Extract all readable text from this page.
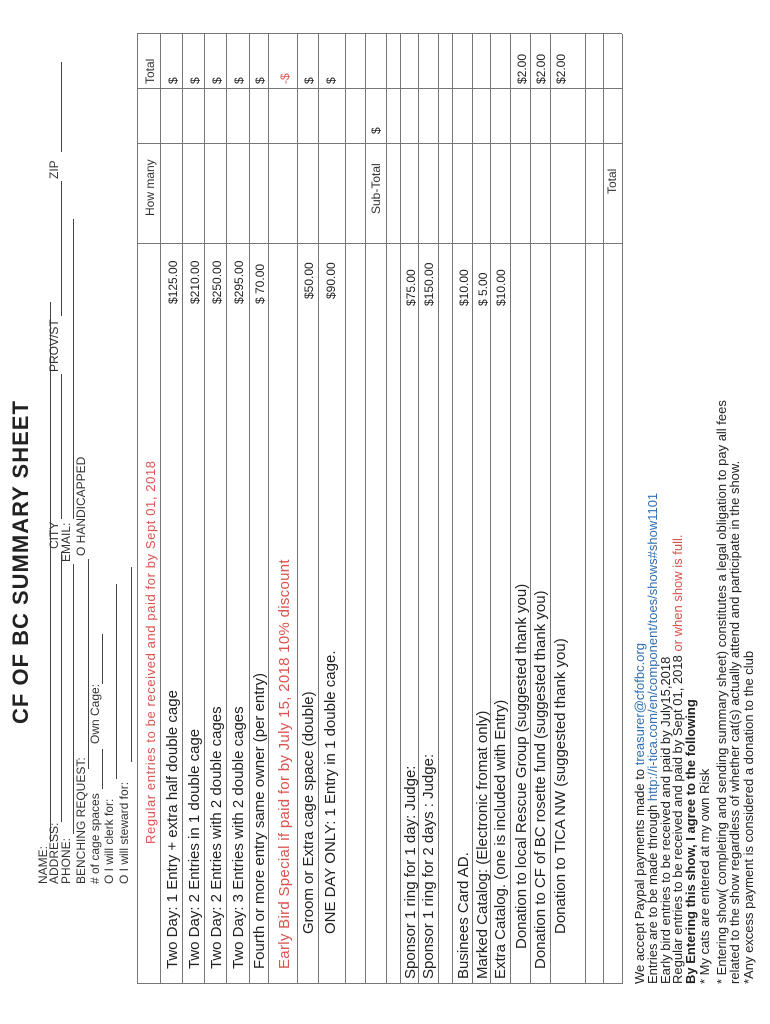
CF OF BC SUMMARY SHEET
NAME:
ADDRESS:
CITY
PROV/ST
ZIP
PHONE:
EMAIL:
BENCHING REQUEST:
O HANDICAPPED
# of cage spaces
Own Cage:
O I will clerk for: O I will steward for:
How many
Total
Regular entries to be received and paid for by Sept 01, 2018 Two Day: 1 Entry + extra half double cage
$125.00
$
Two Day: 2 Entries in 1 double cage
$210.00
$
Two Day: 2 Entries with 2 double cages
$250.00
$
Two Day: 3 Entries with 2 double cages
$295.00
$
Fourth or more entry same owner (per entry)
$ 70.00
$
Early Bird Special if paid for by July 15, 2018 10% discount
-$
Groom or Extra cage space (double)
$50.00
$
ONE DAY ONLY: 1 Entry in 1 double cage.
$90.00
$
Sub-Total
$
Sponsor 1 ring for 1 day: Judge:
$75.00
Sponsor 1 ring for 2 days : Judge:
$150.00
Businees Card AD.
$10.00
Marked Catalog: (Electronic fromat only)
$ 5.00
Extra Catalog. (one is included with Entry)
$10.00
Donation to local Rescue Group (suggested thank you)
$2.00
Donation to CF of BC rosette fund (suggested thank you)
$2.00
Donation to TICA NW (suggested thank you)
$2.00
Total
We accept Paypal payments made to treasurer@cfofbc.org
Entries are to be made through http://i-tica.com/en/component/toes/shows#show1101
Early bird entries to be received and paid by July15,2018
Regular entries to be received and paid by Sept 01, 2018 or when show is full.
By Entering this show, I agree to the following * My cats are entered at my own Risk * Entering show( completing and sending summary sheet) constitutes a legal obligation to pay all fees
related to the show regardless of whether cat(s) actually attend and participate in the show. *Any excess payment is considered a donation to the club
